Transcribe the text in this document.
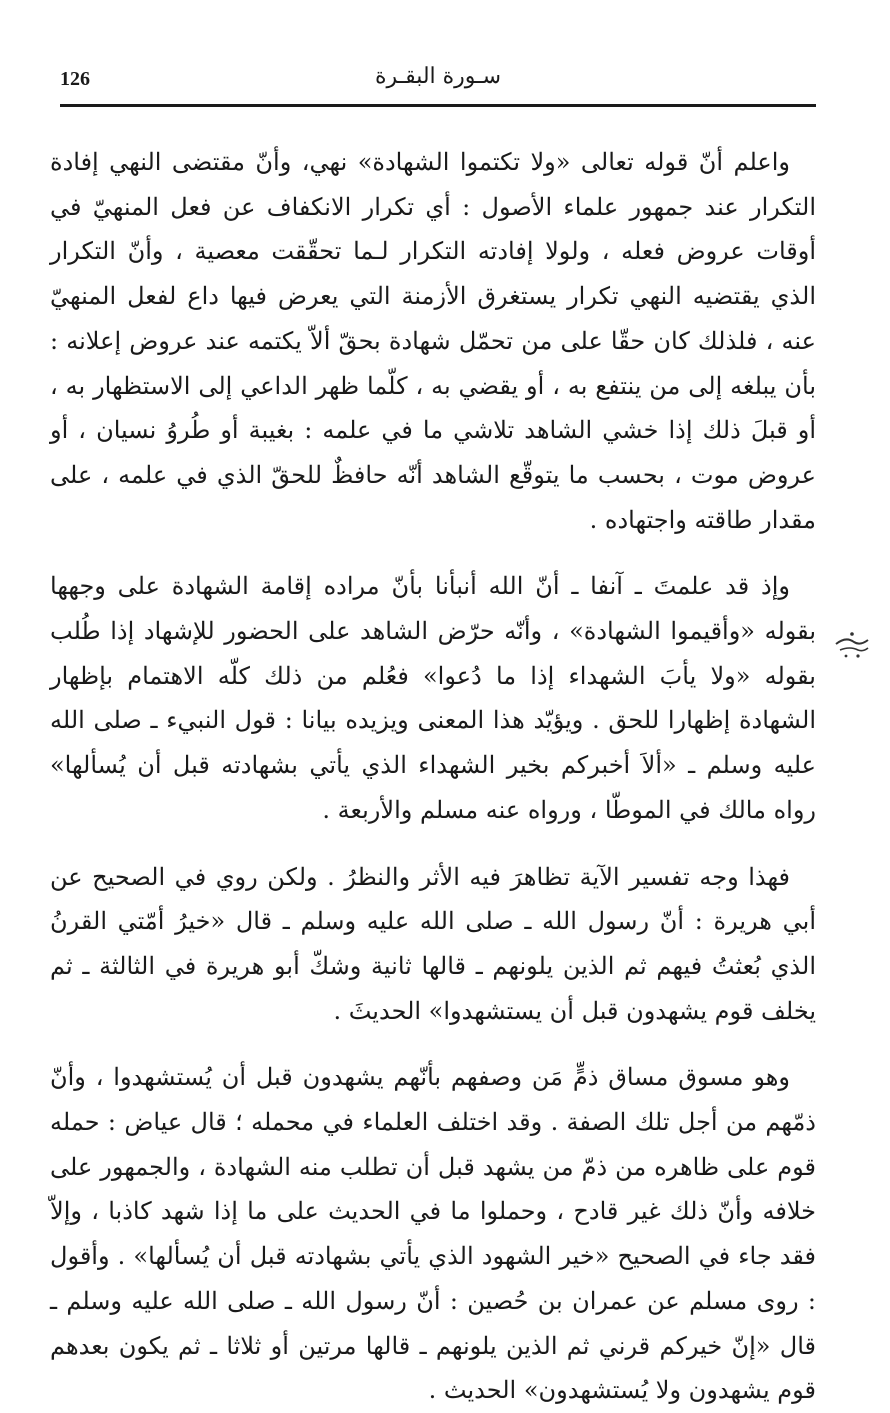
126	سـورة البقـرة

واعلم أنّ قوله تعالى «ولا تكتموا الشهادة» نهي، وأنّ مقتضى النهي إفادة التكرار عند جمهور علماء الأصول : أي تكرار الانكفاف عن فعل المنهيّ في أوقات عروض فعله ، ولولا إفادته التكرار لـما تحقّقت معصية ، وأنّ التكرار الذي يقتضيه النهي تكرار يستغرق الأزمنة التي يعرض فيها داع لفعل المنهيّ عنه ، فلذلك كان حقّا على من تحمّل شهادة بحقّ ألاّ يكتمه عند عروض إعلانه : بأن يبلغه إلى من ينتفع به ، أو يقضي به ، كلّما ظهر الداعي إلى الاستظهار به ، أو قبلَ ذلك إذا خشي الشاهد تلاشي ما في علمه : بغيبة أو طُروُ نسيان ، أو عروض موت ، بحسب ما يتوقّع الشاهد أنّه حافظٌ للحقّ الذي في علمه ، على مقدار طاقته واجتهاده .

وإذ قد علمتَ ـ آنفا ـ أنّ الله أنبأنا بأنّ مراده إقامة الشهادة على وجهها بقوله «وأقيموا الشهادة» ، وأنّه حرّض الشاهد على الحضور للإشهاد إذا طُلب بقوله «ولا يأبَ الشهداء إذا ما دُعوا» فعُلم من ذلك كلّه الاهتمام بإظهار الشهادة إظهارا للحق . ويؤيّد هذا المعنى ويزيده بيانا : قول النبيء ـ صلى الله عليه وسلم ـ «ألاَ أخبركم بخير الشهداء الذي يأتي بشهادته قبل أن يُسألها» رواه مالك في الموطّا ، ورواه عنه مسلم والأربعة .

فهذا وجه تفسير الآية تظاهرَ فيه الأثر والنظرُ . ولكن روي في الصحيح عن أبي هريرة : أنّ رسول الله ـ صلى الله عليه وسلم ـ قال «خيرُ أمّتي القرنُ الذي بُعثتُ فيهم ثم الذين يلونهم ـ قالها ثانية وشكّ أبو هريرة في الثالثة ـ ثم يخلف قوم يشهدون قبل أن يستشهدوا» الحديثَ .

وهو مسوق مساق ذمٍّ مَن وصفهم بأنّهم يشهدون قبل أن يُستشهدوا ، وأنّ ذمّهم من أجل تلك الصفة . وقد اختلف العلماء في محمله ؛ قال عياض : حمله قوم على ظاهره من ذمّ من يشهد قبل أن تطلب منه الشهادة ، والجمهور على خلافه وأنّ ذلك غير قادح ، وحملوا ما في الحديث على ما إذا شهد كاذبا ، وإلاّ فقد جاء في الصحيح «خير الشهود الذي يأتي بشهادته قبل أن يُسألها» . وأقول : روى مسلم عن عمران بن حُصين : أنّ رسول الله ـ صلى الله عليه وسلم ـ قال «إنّ خيركم قرني ثم الذين يلونهم ـ قالها مرتين أو ثلاثا ـ ثم يكون بعدهم قوم يشهدون ولا يُستشهدون» الحديث .
